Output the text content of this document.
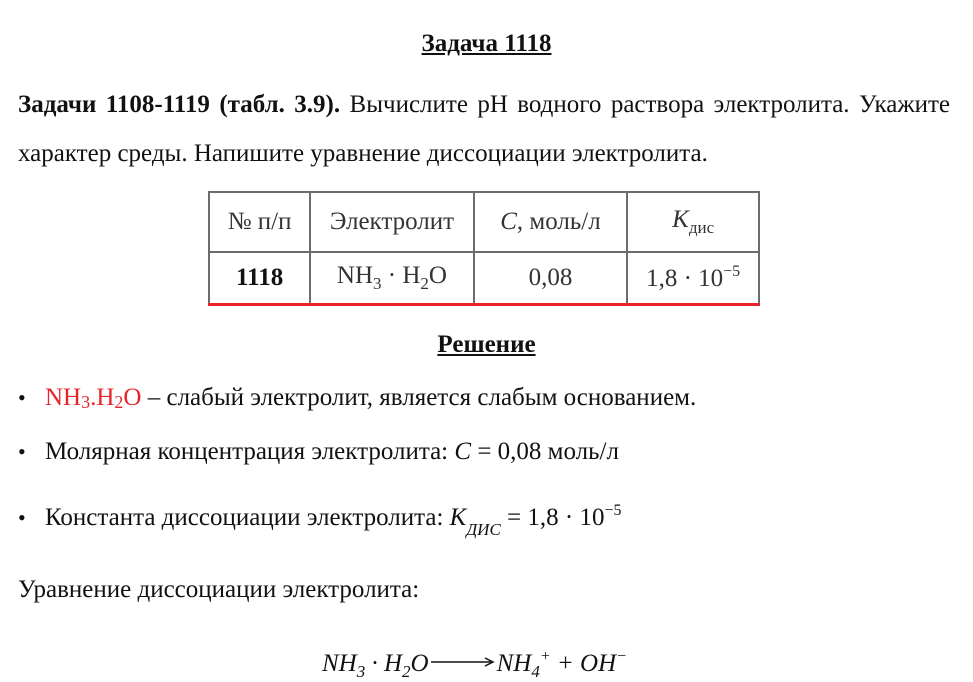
Задача 1118
Задачи 1108-1119 (табл. 3.9). Вычислите pH водного раствора электролита. Укажите характер среды. Напишите уравнение диссоциации электролита.
№ п/п	Электролит	C, моль/л	$K_{дис}$
1118	$NH_3 \cdot H_2O$	0,08	$1,8 \cdot 10^{-5}$
Решение
• NH3.H2O – слабый электролит, является слабым основанием.
• Молярная концентрация электролита: C = 0,08 моль/л
• Константа диссоциации электролита: $K_{ДИС} = 1,8 \cdot 10^{-5}$
Уравнение диссоциации электролита:
$NH_3 \cdot H_2O\to NH_4^+ + OH^-$
